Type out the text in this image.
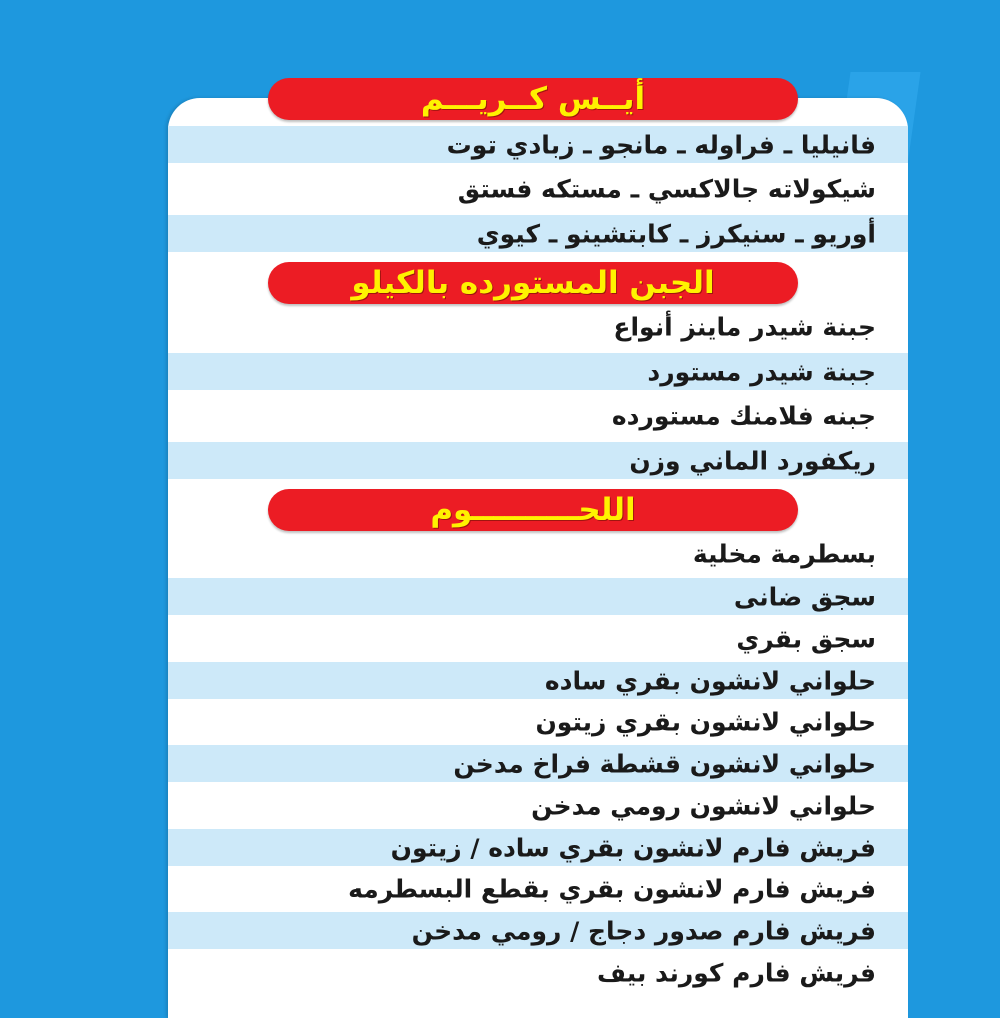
أيــس كــريـــم
فانيليا ـ فراوله ـ مانجو ـ زبادي توت
شيكولاته جالاكسي ـ مستكه فستق
أوريو ـ سنيكرز ـ كابتشينو ـ كيوي
الجبن المستورده بالكيلو
جبنة شيدر ماينز أنواع
جبنة شيدر مستورد
جبنه فلامنك مستورده
ريكفورد الماني وزن
اللحــــــــــوم
بسطرمة مخلية
سجق ضانى
سجق بقري
حلواني لانشون بقري ساده
حلواني لانشون بقري زيتون
حلواني لانشون قشطة فراخ مدخن
حلواني لانشون رومي مدخن
فريش فارم لانشون بقري ساده / زيتون
فريش فارم لانشون بقري بقطع البسطرمه
فريش فارم صدور دجاج / رومي مدخن
فريش فارم كورند بيف
